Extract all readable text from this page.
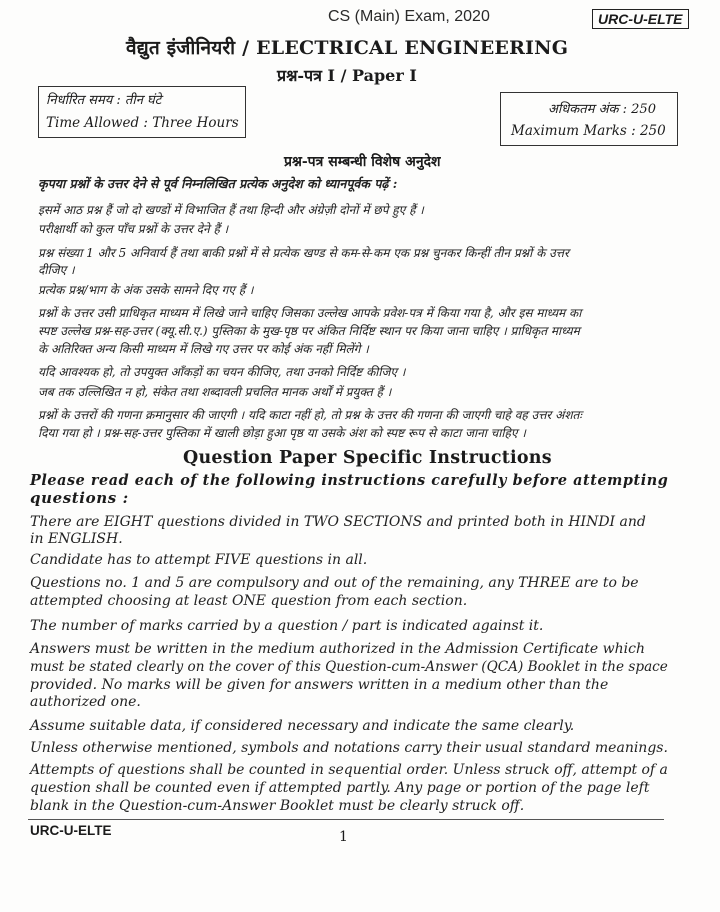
CS (Main) Exam, 2020	URC-U-ELTE
वैद्युत इंजीनियरी / ELECTRICAL ENGINEERING
प्रश्न-पत्र I / Paper I
निर्धारित समय : तीन घंटे
Time Allowed : Three Hours
अधिकतम अंक : 250
Maximum Marks : 250
प्रश्न-पत्र सम्बन्धी विशेष अनुदेश
कृपया प्रश्नों के उत्तर देने से पूर्व निम्नलिखित प्रत्येक अनुदेश को ध्यानपूर्वक पढ़ें :
इसमें आठ प्रश्न हैं जो दो खण्डों में विभाजित हैं तथा हिन्दी और अंग्रेज़ी दोनों में छपे हुए हैं ।
परीक्षार्थी को कुल पाँच प्रश्नों के उत्तर देने हैं ।
प्रश्न संख्या 1 और 5 अनिवार्य हैं तथा बाकी प्रश्नों में से प्रत्येक खण्ड से कम-से-कम एक प्रश्न चुनकर किन्हीं तीन प्रश्नों के उत्तर
दीजिए ।
प्रत्येक प्रश्न/भाग के अंक उसके सामने दिए गए हैं ।
प्रश्नों के उत्तर उसी प्राधिकृत माध्यम में लिखे जाने चाहिए जिसका उल्लेख आपके प्रवेश-पत्र में किया गया है, और इस माध्यम का
स्पष्ट उल्लेख प्रश्न-सह-उत्तर (क्यू.सी.ए.) पुस्तिका के मुख-पृष्ठ पर अंकित निर्दिष्ट स्थान पर किया जाना चाहिए । प्राधिकृत माध्यम
के अतिरिक्त अन्य किसी माध्यम में लिखे गए उत्तर पर कोई अंक नहीं मिलेंगे ।
यदि आवश्यक हो, तो उपयुक्त आँकड़ों का चयन कीजिए, तथा उनको निर्दिष्ट कीजिए ।
जब तक उल्लिखित न हो, संकेत तथा शब्दावली प्रचलित मानक अर्थों में प्रयुक्त हैं ।
प्रश्नों के उत्तरों की गणना क्रमानुसार की जाएगी । यदि काटा नहीं हो, तो प्रश्न के उत्तर की गणना की जाएगी चाहे वह उत्तर अंशतः
दिया गया हो । प्रश्न-सह-उत्तर पुस्तिका में खाली छोड़ा हुआ पृष्ठ या उसके अंश को स्पष्ट रूप से काटा जाना चाहिए ।
Question Paper Specific Instructions
Please read each of the following instructions carefully before attempting
questions :
There are EIGHT questions divided in TWO SECTIONS and printed both in HINDI and
in ENGLISH.
Candidate has to attempt FIVE questions in all.
Questions no. 1 and 5 are compulsory and out of the remaining, any THREE are to be
attempted choosing at least ONE question from each section.
The number of marks carried by a question / part is indicated against it.
Answers must be written in the medium authorized in the Admission Certificate which
must be stated clearly on the cover of this Question-cum-Answer (QCA) Booklet in the space
provided. No marks will be given for answers written in a medium other than the
authorized one.
Assume suitable data, if considered necessary and indicate the same clearly.
Unless otherwise mentioned, symbols and notations carry their usual standard meanings.
Attempts of questions shall be counted in sequential order. Unless struck off, attempt of a
question shall be counted even if attempted partly. Any page or portion of the page left
blank in the Question-cum-Answer Booklet must be clearly struck off.
URC-U-ELTE	1
